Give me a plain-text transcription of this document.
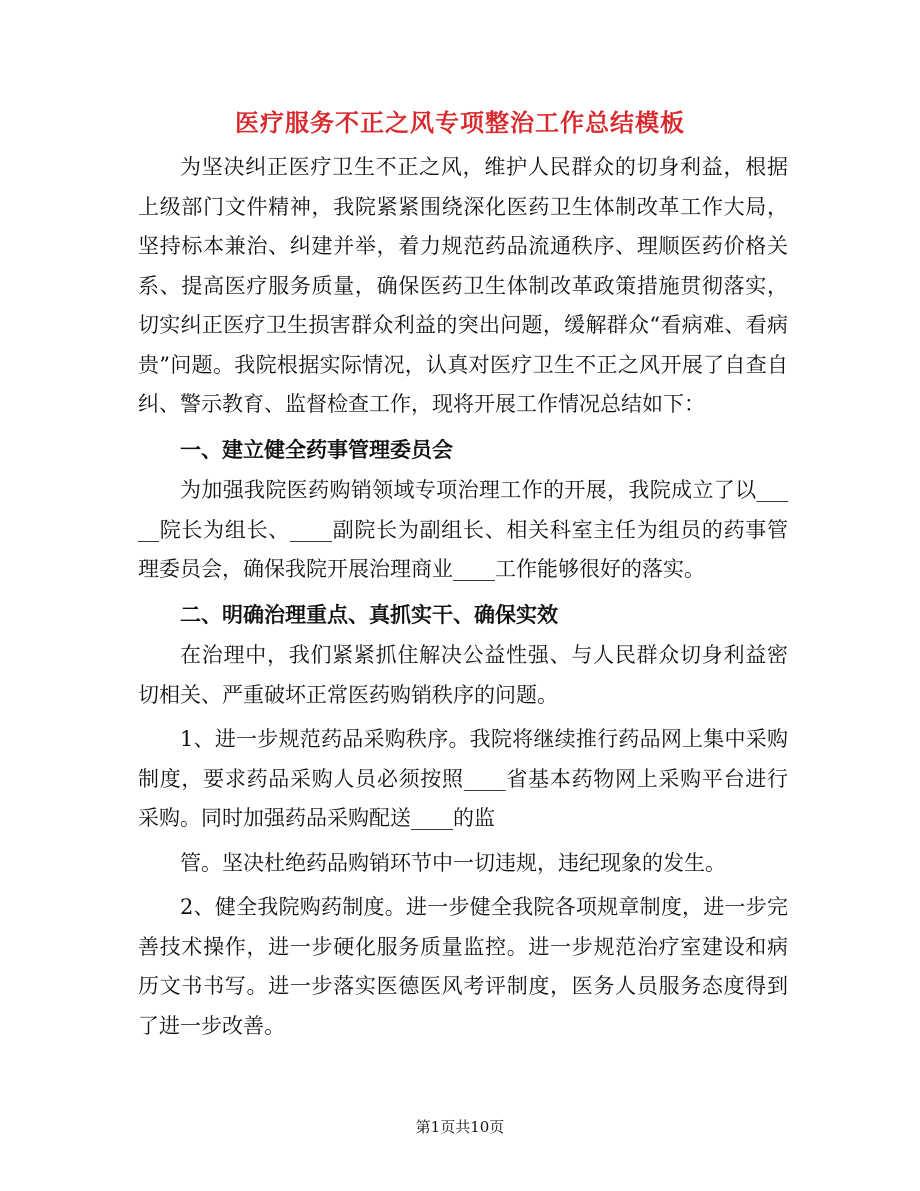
医疗服务不正之风专项整治工作总结模板

为坚决纠正医疗卫生不正之风，维护人民群众的切身利益，根据上级部门文件精神，我院紧紧围绕深化医药卫生体制改革工作大局，坚持标本兼治、纠建并举，着力规范药品流通秩序、理顺医药价格关系、提高医疗服务质量，确保医药卫生体制改革政策措施贯彻落实，切实纠正医疗卫生损害群众利益的突出问题，缓解群众“看病难、看病贵”问题。我院根据实际情况，认真对医疗卫生不正之风开展了自查自纠、警示教育、监督检查工作，现将开展工作情况总结如下：

一、建立健全药事管理委员会

为加强我院医药购销领域专项治理工作的开展，我院成立了以_____院长为组长、____副院长为副组长、相关科室主任为组员的药事管理委员会，确保我院开展治理商业____工作能够很好的落实。

二、明确治理重点、真抓实干、确保实效

在治理中，我们紧紧抓住解决公益性强、与人民群众切身利益密切相关、严重破坏正常医药购销秩序的问题。

1、进一步规范药品采购秩序。我院将继续推行药品网上集中采购制度，要求药品采购人员必须按照____省基本药物网上采购平台进行采购。同时加强药品采购配送____的监

管。坚决杜绝药品购销环节中一切违规，违纪现象的发生。

2、健全我院购药制度。进一步健全我院各项规章制度，进一步完善技术操作，进一步硬化服务质量监控。进一步规范治疗室建设和病历文书书写。进一步落实医德医风考评制度，医务人员服务态度得到了进一步改善。

第1页共10页
